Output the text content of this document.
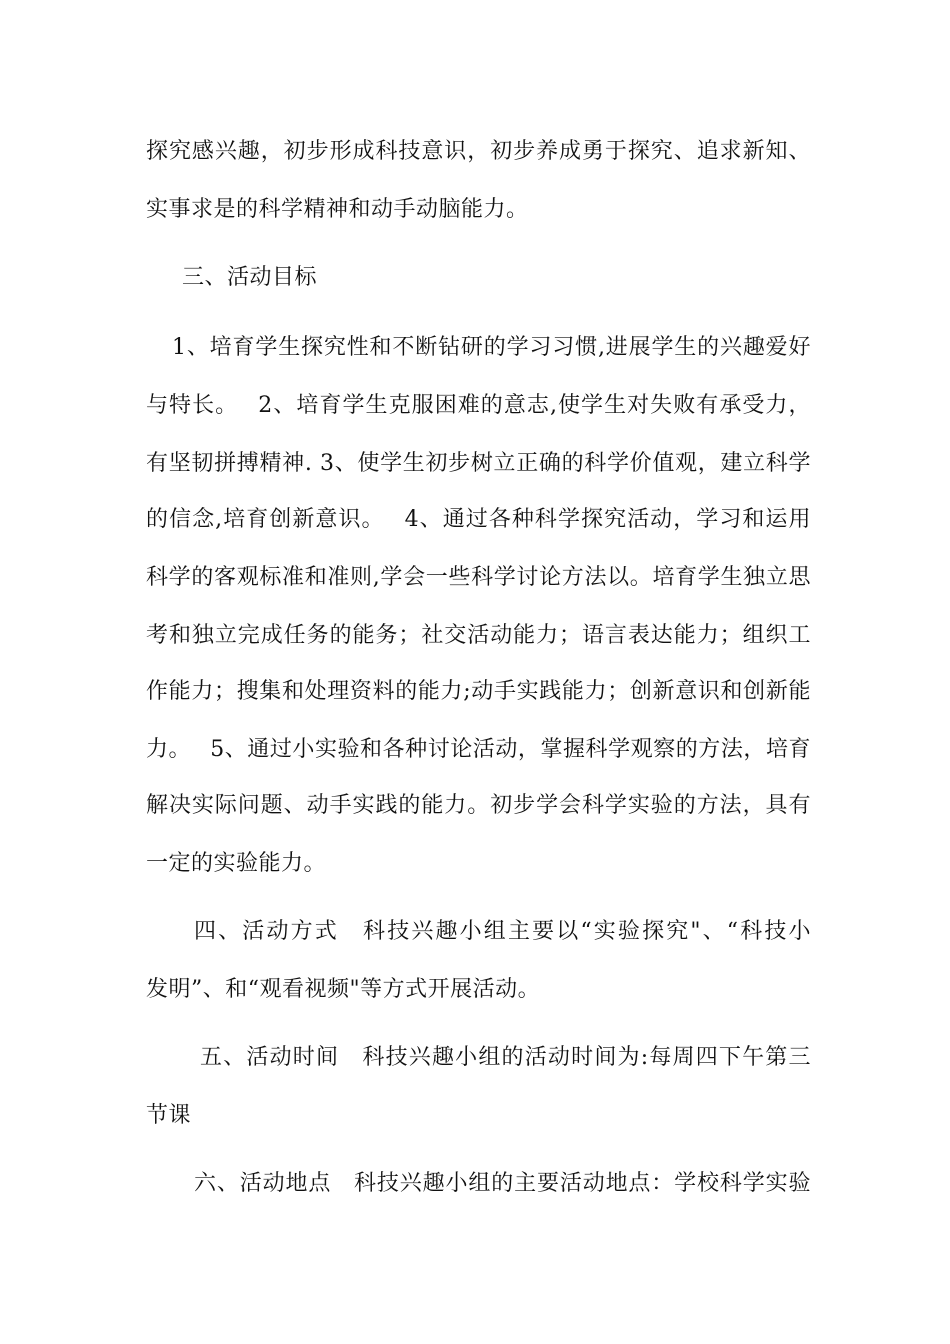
探究感兴趣，初步形成科技意识，初步养成勇于探究、追求新知、
实事求是的科学精神和动手动脑能力。
三、活动目标
1、培育学生探究性和不断钻研的学习习惯,进展学生的兴趣爱好
与特长。　 2、培育学生克服困难的意志,使学生对失败有承受力，
有坚韧拼搏精神. 3、使学生初步树立正确的科学价值观，建立科学
的信念,培育创新意识。　 4、通过各种科学探究活动，学习和运用
科学的客观标准和准则,学会一些科学讨论方法以。培育学生独立思
考和独立完成任务的能务；社交活动能力；语言表达能力；组织工
作能力；搜集和处理资料的能力;动手实践能力；创新意识和创新能
力。　 5、通过小实验和各种讨论活动，掌握科学观察的方法，培育
解决实际问题、动手实践的能力。初步学会科学实验的方法，具有
一定的实验能力。
四、活动方式　科技兴趣小组主要以“实验探究"、“科技小
发明”、和“观看视频"等方式开展活动。
五、活动时间　科技兴趣小组的活动时间为:每周四下午第三
节课
六、活动地点　科技兴趣小组的主要活动地点：学校科学实验
